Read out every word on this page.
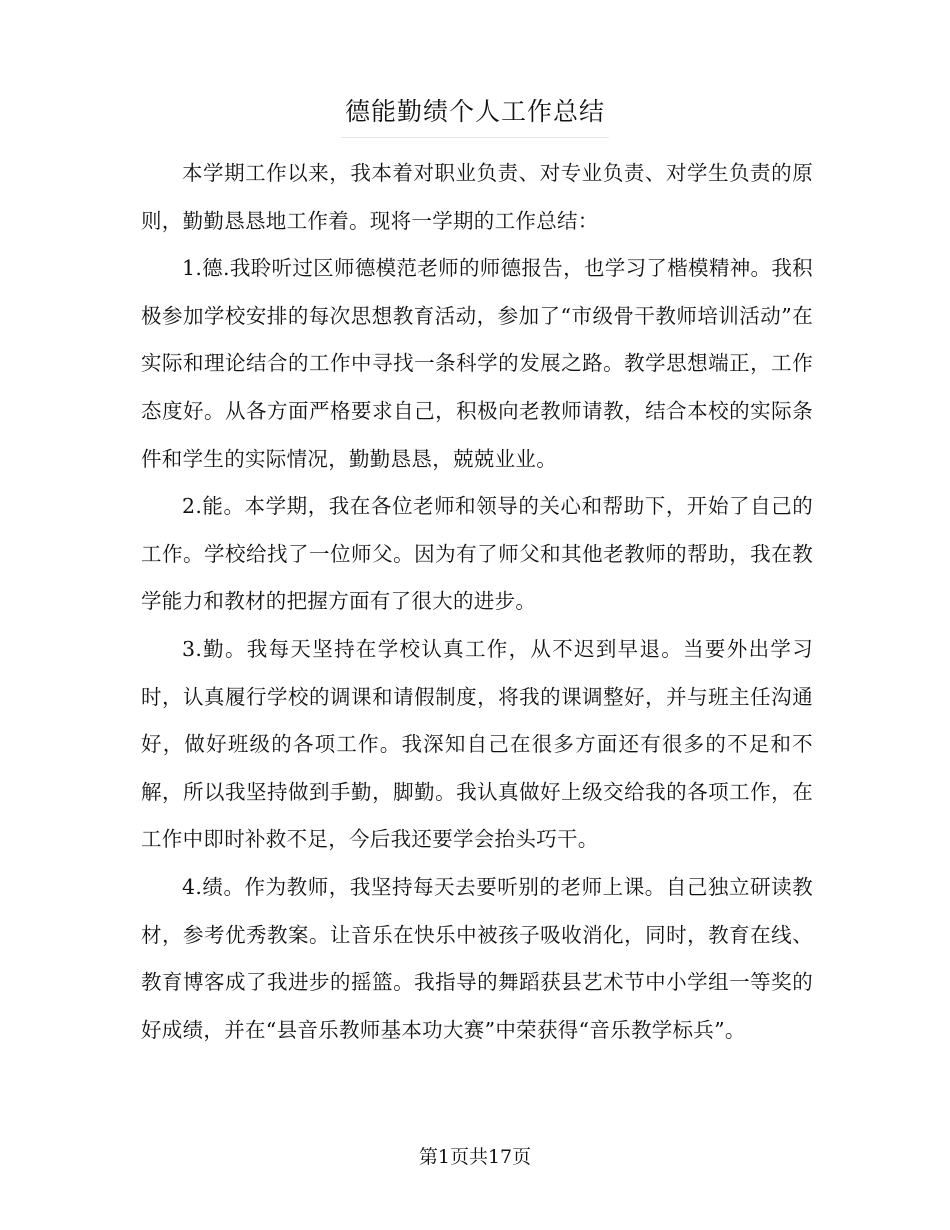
德能勤绩个人工作总结

本学期工作以来，我本着对职业负责、对专业负责、对学生负责的原则，勤勤恳恳地工作着。现将一学期的工作总结：

1.德.我聆听过区师德模范老师的师德报告，也学习了楷模精神。我积极参加学校安排的每次思想教育活动，参加了“市级骨干教师培训活动”在实际和理论结合的工作中寻找一条科学的发展之路。教学思想端正，工作态度好。从各方面严格要求自己，积极向老教师请教，结合本校的实际条件和学生的实际情况，勤勤恳恳，兢兢业业。

2.能。本学期，我在各位老师和领导的关心和帮助下，开始了自己的工作。学校给找了一位师父。因为有了师父和其他老教师的帮助，我在教学能力和教材的把握方面有了很大的进步。

3.勤。我每天坚持在学校认真工作，从不迟到早退。当要外出学习时，认真履行学校的调课和请假制度，将我的课调整好，并与班主任沟通好，做好班级的各项工作。我深知自己在很多方面还有很多的不足和不解，所以我坚持做到手勤，脚勤。我认真做好上级交给我的各项工作，在工作中即时补救不足，今后我还要学会抬头巧干。

4.绩。作为教师，我坚持每天去要听别的老师上课。自己独立研读教材，参考优秀教案。让音乐在快乐中被孩子吸收消化，同时，教育在线、教育博客成了我进步的摇篮。我指导的舞蹈获县艺术节中小学组一等奖的好成绩，并在“县音乐教师基本功大赛”中荣获得“音乐教学标兵”。

第1页共17页
